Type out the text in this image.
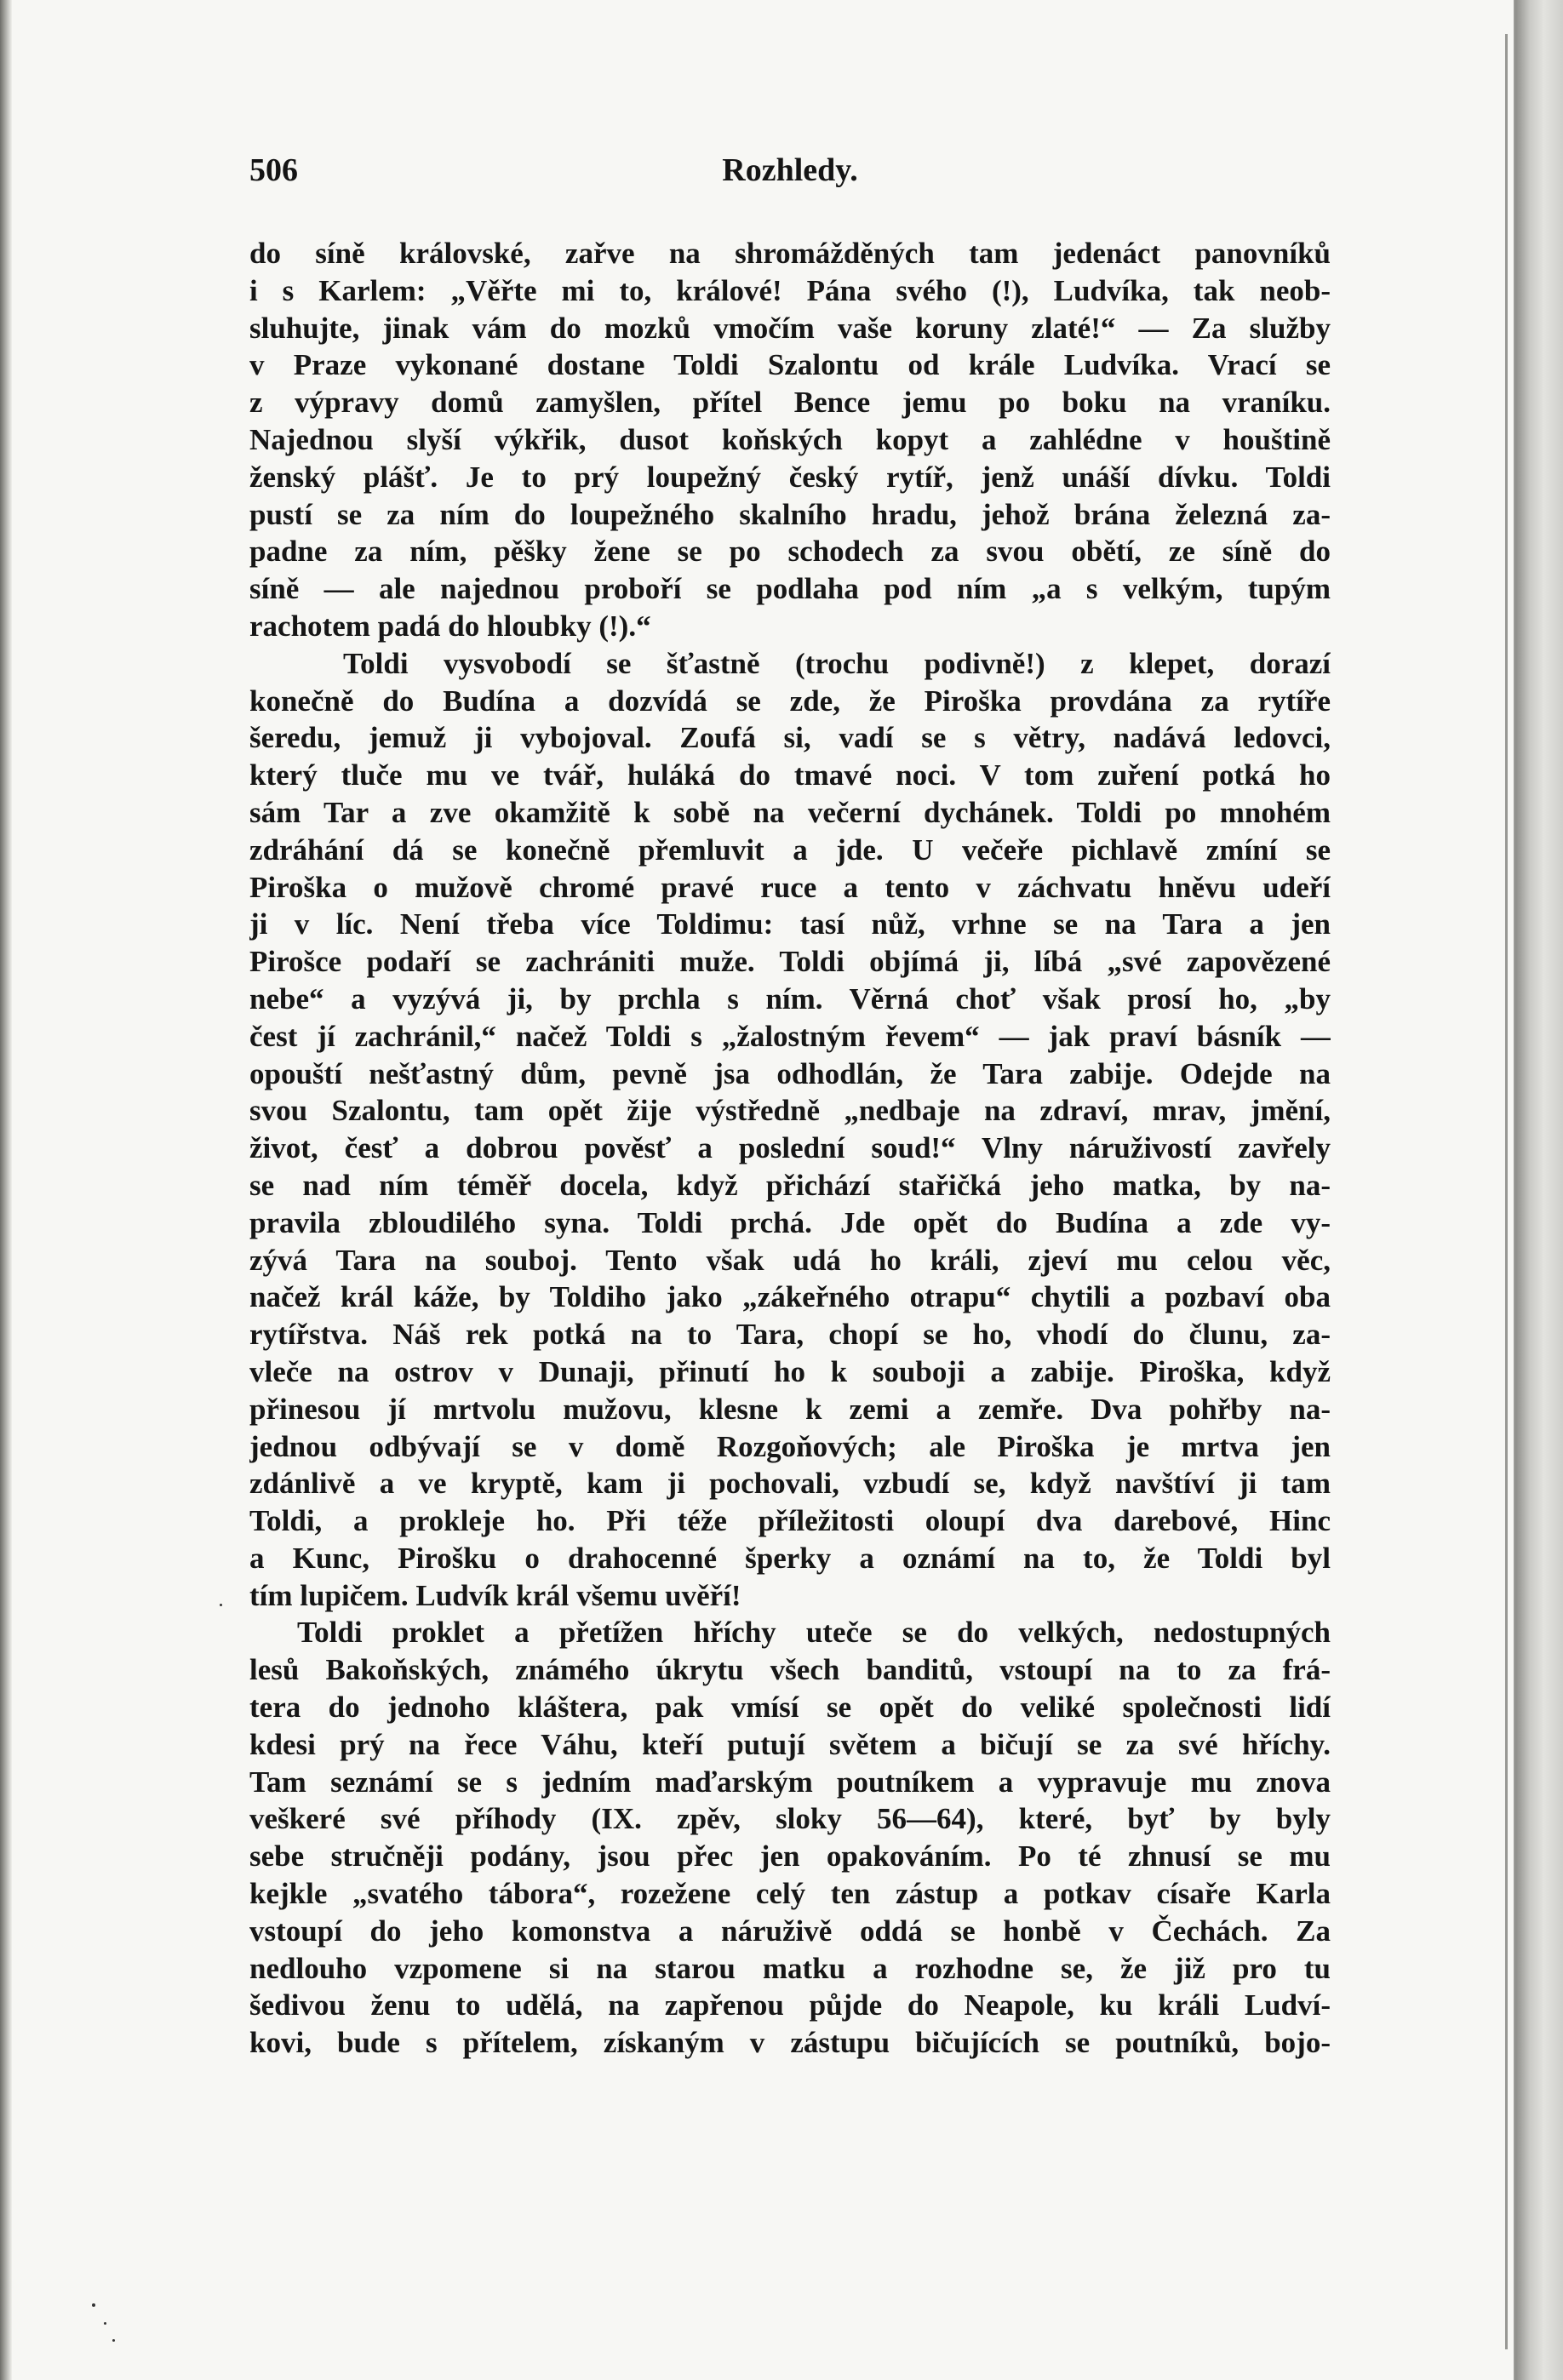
506	Rozhledy.
do síně královské, zařve na shromážděných tam jedenáct panovníků
i s Karlem: „Věřte mi to, králové! Pána svého (!), Ludvíka, tak neob-
sluhujte, jinak vám do mozků vmočím vaše koruny zlaté!“ — Za služby
v Praze vykonané dostane Toldi Szalontu od krále Ludvíka. Vrací se
z výpravy domů zamyšlen, přítel Bence jemu po boku na vraníku.
Najednou slyší výkřik, dusot koňských kopyt a zahlédne v houštině
ženský plášť. Je to prý loupežný český rytíř, jenž unáší dívku. Toldi
pustí se za ním do loupežného skalního hradu, jehož brána železná za-
padne za ním, pěšky žene se po schodech za svou obětí, ze síně do
síně — ale najednou proboří se podlaha pod ním „a s velkým, tupým
rachotem padá do hloubky (!).“
Toldi vysvobodí se šťastně (trochu podivně!) z klepet, dorazí
konečně do Budína a dozvídá se zde, že Piroška provdána za rytíře
šeredu, jemuž ji vybojoval. Zoufá si, vadí se s větry, nadává ledovci,
který tluče mu ve tvář, huláká do tmavé noci. V tom zuření potká ho
sám Tar a zve okamžitě k sobě na večerní dychánek. Toldi po mnohém
zdráhání dá se konečně přemluvit a jde. U večeře pichlavě zmíní se
Piroška o mužově chromé pravé ruce a tento v záchvatu hněvu udeří
ji v líc. Není třeba více Toldimu: tasí nůž, vrhne se na Tara a jen
Pirošce podaří se zachrániti muže. Toldi objímá ji, líbá „své zapovězené
nebe“ a vyzývá ji, by prchla s ním. Věrná choť však prosí ho, „by
čest jí zachránil,“ načež Toldi s „žalostným řevem“ — jak praví básník —
opouští nešťastný dům, pevně jsa odhodlán, že Tara zabije. Odejde na
svou Szalontu, tam opět žije výstředně „nedbaje na zdraví, mrav, jmění,
život, česť a dobrou pověsť a poslední soud!“ Vlny náruživostí zavřely
se nad ním téměř docela, když přichází stařičká jeho matka, by na-
pravila zbloudilého syna. Toldi prchá. Jde opět do Budína a zde vy-
zývá Tara na souboj. Tento však udá ho králi, zjeví mu celou věc,
načež král káže, by Toldiho jako „zákeřného otrapu“ chytili a pozbaví oba
rytířstva. Náš rek potká na to Tara, chopí se ho, vhodí do člunu, za-
vleče na ostrov v Dunaji, přinutí ho k souboji a zabije. Piroška, když
přinesou jí mrtvolu mužovu, klesne k zemi a zemře. Dva pohřby na-
jednou odbývají se v domě Rozgoňových; ale Piroška je mrtva jen
zdánlivě a ve kryptě, kam ji pochovali, vzbudí se, když navštíví ji tam
Toldi, a prokleje ho. Při téže příležitosti oloupí dva darebové, Hinc
a Kunc, Pirošku o drahocenné šperky a oznámí na to, že Toldi byl
tím lupičem. Ludvík král všemu uvěří!
Toldi proklet a přetížen hříchy uteče se do velkých, nedostupných
lesů Bakoňských, známého úkrytu všech banditů, vstoupí na to za frá-
tera do jednoho kláštera, pak vmísí se opět do veliké společnosti lidí
kdesi prý na řece Váhu, kteří putují světem a bičují se za své hříchy.
Tam seznámí se s jedním maďarským poutníkem a vypravuje mu znova
veškeré své příhody (IX. zpěv, sloky 56—64), které, byť by byly
sebe stručněji podány, jsou přec jen opakováním. Po té zhnusí se mu
kejkle „svatého tábora“, rozežene celý ten zástup a potkav císaře Karla
vstoupí do jeho komonstva a náruživě oddá se honbě v Čechách. Za
nedlouho vzpomene si na starou matku a rozhodne se, že již pro tu
šedivou ženu to udělá, na zapřenou půjde do Neapole, ku králi Ludví-
kovi, bude s přítelem, získaným v zástupu bičujících se poutníků, bojo-
